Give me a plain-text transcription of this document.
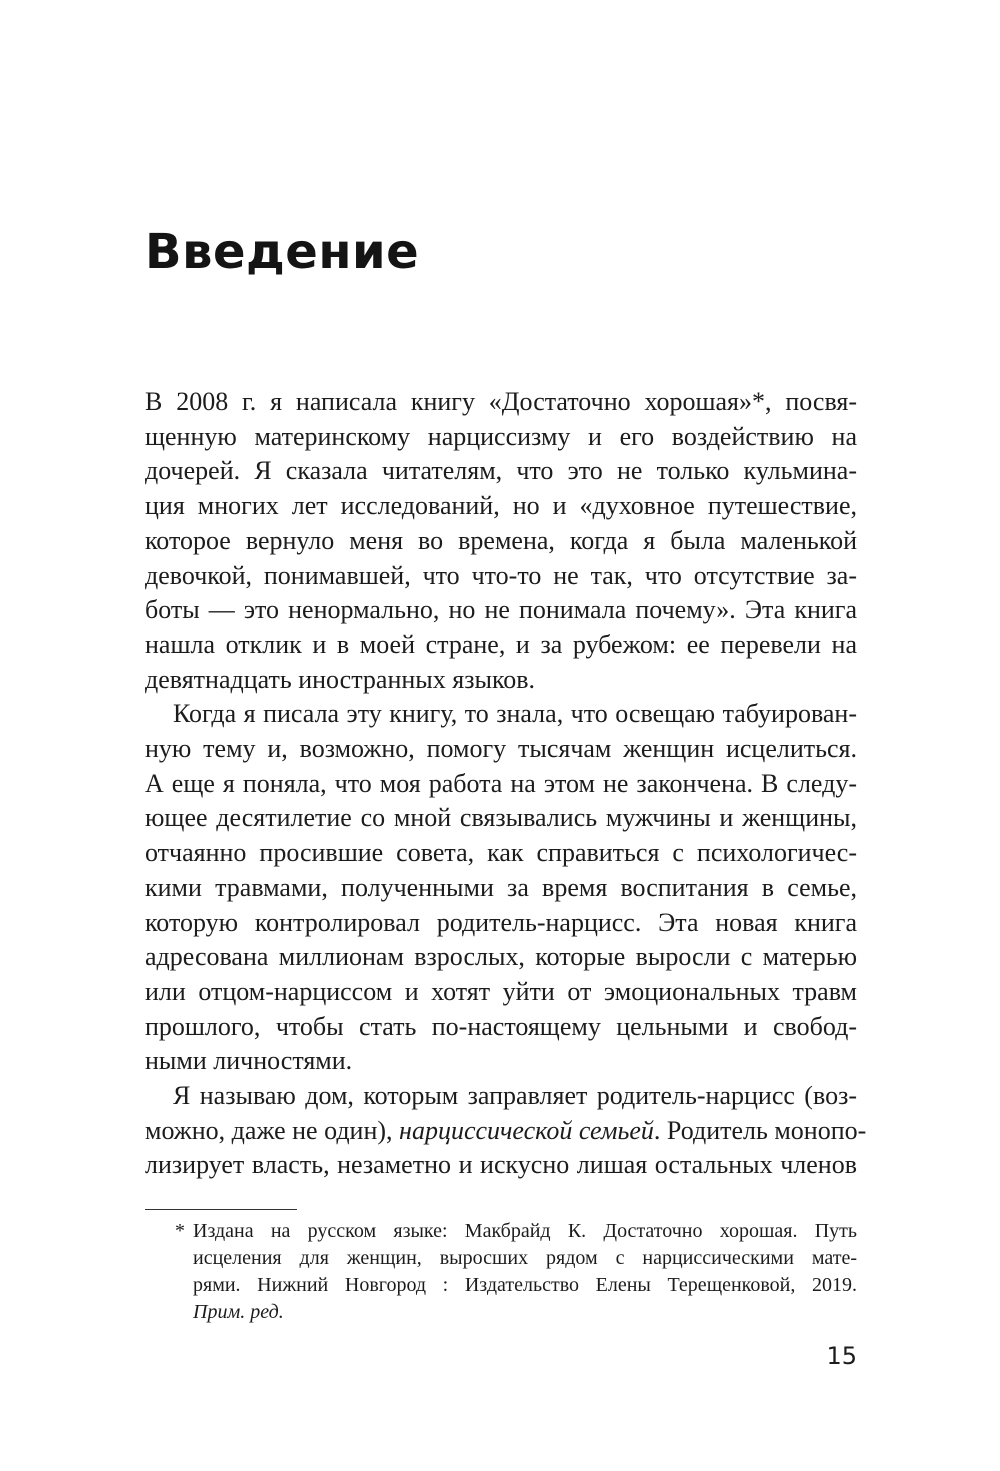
Введение
В 2008 г. я написала книгу «Достаточно хорошая»*, посвя-
щенную материнскому нарциссизму и его воздействию на
дочерей. Я сказала читателям, что это не только кульмина-
ция многих лет исследований, но и «духовное путешествие,
которое вернуло меня во времена, когда я была маленькой
девочкой, понимавшей, что что-то не так, что отсутствие за-
боты — это ненормально, но не понимала почему». Эта книга
нашла отклик и в моей стране, и за рубежом: ее перевели на
девятнадцать иностранных языков.
Когда я писала эту книгу, то знала, что освещаю табуирован-
ную тему и, возможно, помогу тысячам женщин исцелиться.
А еще я поняла, что моя работа на этом не закончена. В следу-
ющее десятилетие со мной связывались мужчины и женщины,
отчаянно просившие совета, как справиться с психологичес-
кими травмами, полученными за время воспитания в семье,
которую контролировал родитель-нарцисс. Эта новая книга
адресована миллионам взрослых, которые выросли с матерью
или отцом-нарциссом и хотят уйти от эмоциональных травм
прошлого, чтобы стать по-настоящему цельными и свобод-
ными личностями.
Я называю дом, которым заправляет родитель-нарцисс (воз-
можно, даже не один), нарциссической семьей. Родитель монопо-
лизирует власть, незаметно и искусно лишая остальных членов
* Издана на русском языке: Макбрайд К. Достаточно хорошая. Путь
исцеления для женщин, выросших рядом с нарциссическими мате-
рями. Нижний Новгород : Издательство Елены Терещенковой, 2019.
Прим. ред.
15
